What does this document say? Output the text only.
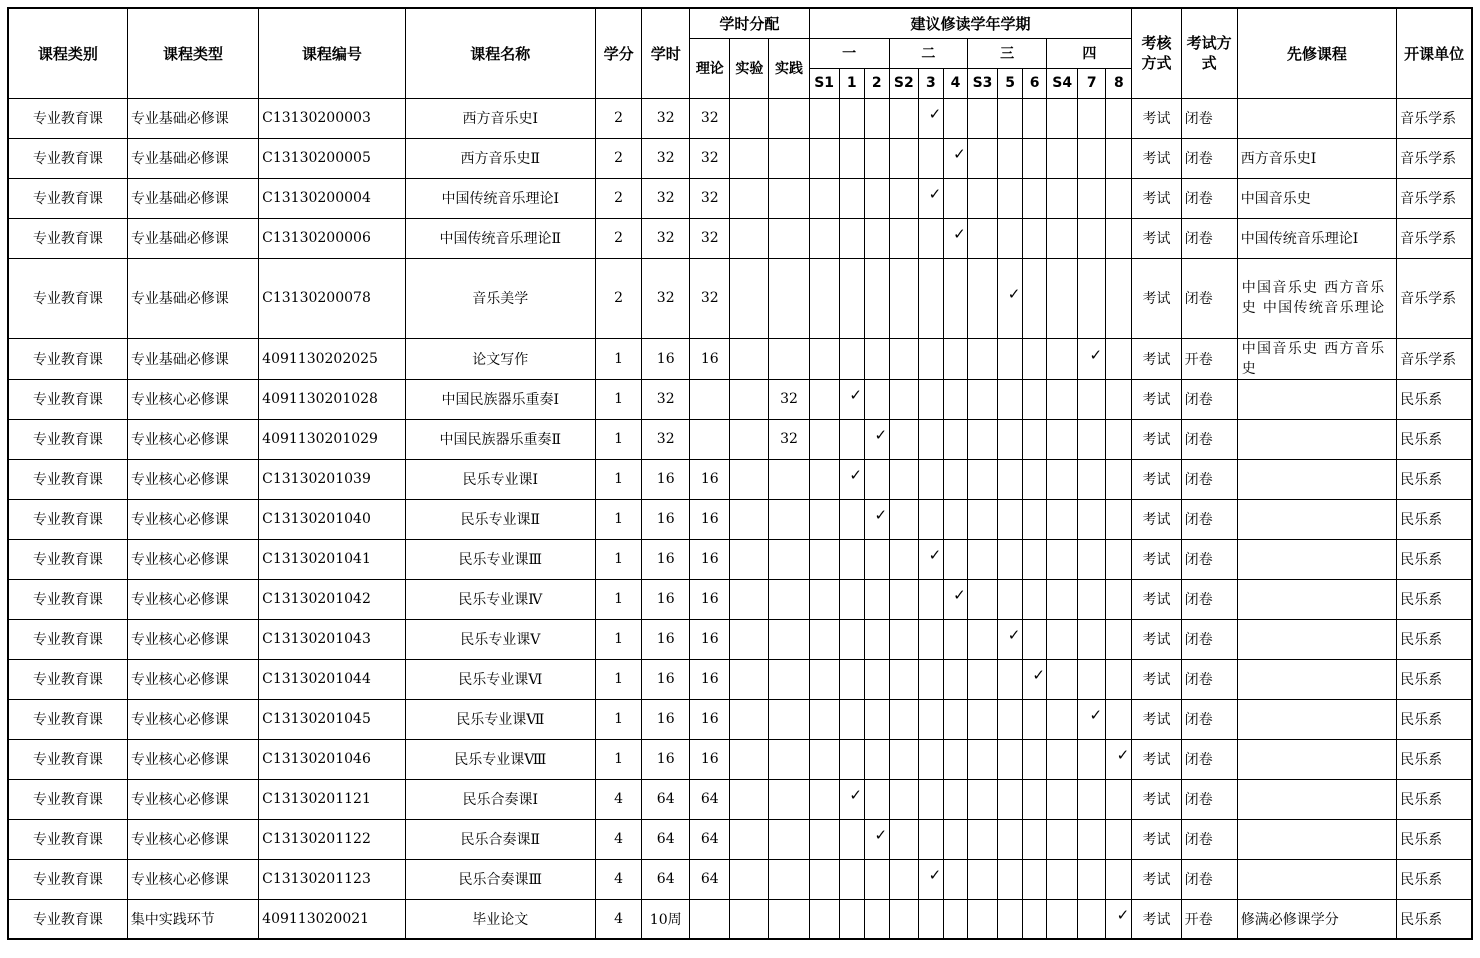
课程类别	课程类型	课程编号	课程名称	学分	学时	学时分配			建议修读学年学期												考核方式	考试方式	先修课程	开课单位
						理论	实验	实践	一			二			三			四						
									S1	1	2	S2	3	4	S3	5	6	S4	7	8				
专业教育课	专业基础必修课	C13130200003	西方音乐史Ⅰ	2	32	32							✓								考试	闭卷		音乐学系
专业教育课	专业基础必修课	C13130200005	西方音乐史Ⅱ	2	32	32								✓							考试	闭卷	西方音乐史Ⅰ	音乐学系
专业教育课	专业基础必修课	C13130200004	中国传统音乐理论Ⅰ	2	32	32							✓								考试	闭卷	中国音乐史	音乐学系
专业教育课	专业基础必修课	C13130200006	中国传统音乐理论Ⅱ	2	32	32								✓							考试	闭卷	中国传统音乐理论Ⅰ	音乐学系
专业教育课	专业基础必修课	C13130200078	音乐美学	2	32	32										✓					考试	闭卷	中国音乐史 西方音乐史 中国传统音乐理论	音乐学系
专业教育课	专业基础必修课	4091130202025	论文写作	1	16	16													✓		考试	开卷	中国音乐史 西方音乐史	音乐学系
专业教育课	专业核心必修课	4091130201028	中国民族器乐重奏Ⅰ	1	32			32		✓											考试	闭卷		民乐系
专业教育课	专业核心必修课	4091130201029	中国民族器乐重奏Ⅱ	1	32			32			✓										考试	闭卷		民乐系
专业教育课	专业核心必修课	C13130201039	民乐专业课Ⅰ	1	16	16				✓											考试	闭卷		民乐系
专业教育课	专业核心必修课	C13130201040	民乐专业课Ⅱ	1	16	16					✓										考试	闭卷		民乐系
专业教育课	专业核心必修课	C13130201041	民乐专业课Ⅲ	1	16	16							✓								考试	闭卷		民乐系
专业教育课	专业核心必修课	C13130201042	民乐专业课Ⅳ	1	16	16								✓							考试	闭卷		民乐系
专业教育课	专业核心必修课	C13130201043	民乐专业课Ⅴ	1	16	16										✓					考试	闭卷		民乐系
专业教育课	专业核心必修课	C13130201044	民乐专业课Ⅵ	1	16	16											✓				考试	闭卷		民乐系
专业教育课	专业核心必修课	C13130201045	民乐专业课Ⅶ	1	16	16													✓		考试	闭卷		民乐系
专业教育课	专业核心必修课	C13130201046	民乐专业课Ⅷ	1	16	16														✓	考试	闭卷		民乐系
专业教育课	专业核心必修课	C13130201121	民乐合奏课Ⅰ	4	64	64				✓											考试	闭卷		民乐系
专业教育课	专业核心必修课	C13130201122	民乐合奏课Ⅱ	4	64	64					✓										考试	闭卷		民乐系
专业教育课	专业核心必修课	C13130201123	民乐合奏课Ⅲ	4	64	64							✓								考试	闭卷		民乐系
专业教育课	集中实践环节	409113020021	毕业论文	4	10周															✓	考试	开卷	修满必修课学分	民乐系
